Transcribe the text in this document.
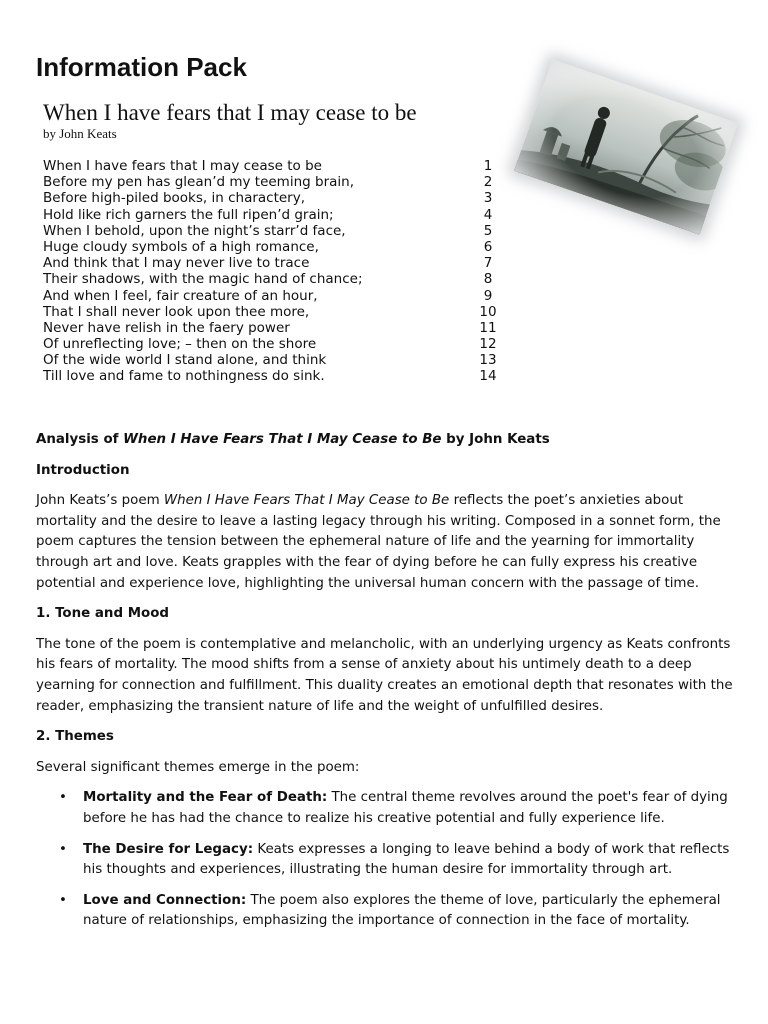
Information Pack
When I have fears that I may cease to be
by John Keats
When I have fears that I may cease to be	1
Before my pen has glean’d my teeming brain,	2
Before high-piled books, in charactery,	3
Hold like rich garners the full ripen’d grain;	4
When I behold, upon the night’s starr’d face,	5
Huge cloudy symbols of a high romance,	6
And think that I may never live to trace	7
Their shadows, with the magic hand of chance;	8
And when I feel, fair creature of an hour,	9
That I shall never look upon thee more,	10
Never have relish in the faery power	11
Of unreflecting love; – then on the shore	12
Of the wide world I stand alone, and think	13
Till love and fame to nothingness do sink.	14

Analysis of When I Have Fears That I May Cease to Be by John Keats

Introduction

John Keats’s poem When I Have Fears That I May Cease to Be reflects the poet’s anxieties about mortality and the desire to leave a lasting legacy through his writing. Composed in a sonnet form, the poem captures the tension between the ephemeral nature of life and the yearning for immortality through art and love. Keats grapples with the fear of dying before he can fully express his creative potential and experience love, highlighting the universal human concern with the passage of time.

1. Tone and Mood

The tone of the poem is contemplative and melancholic, with an underlying urgency as Keats confronts his fears of mortality. The mood shifts from a sense of anxiety about his untimely death to a deep yearning for connection and fulfillment. This duality creates an emotional depth that resonates with the reader, emphasizing the transient nature of life and the weight of unfulfilled desires.

2. Themes

Several significant themes emerge in the poem:

• Mortality and the Fear of Death: The central theme revolves around the poet's fear of dying before he has had the chance to realize his creative potential and fully experience life.
• The Desire for Legacy: Keats expresses a longing to leave behind a body of work that reflects his thoughts and experiences, illustrating the human desire for immortality through art.
• Love and Connection: The poem also explores the theme of love, particularly the ephemeral nature of relationships, emphasizing the importance of connection in the face of mortality.
